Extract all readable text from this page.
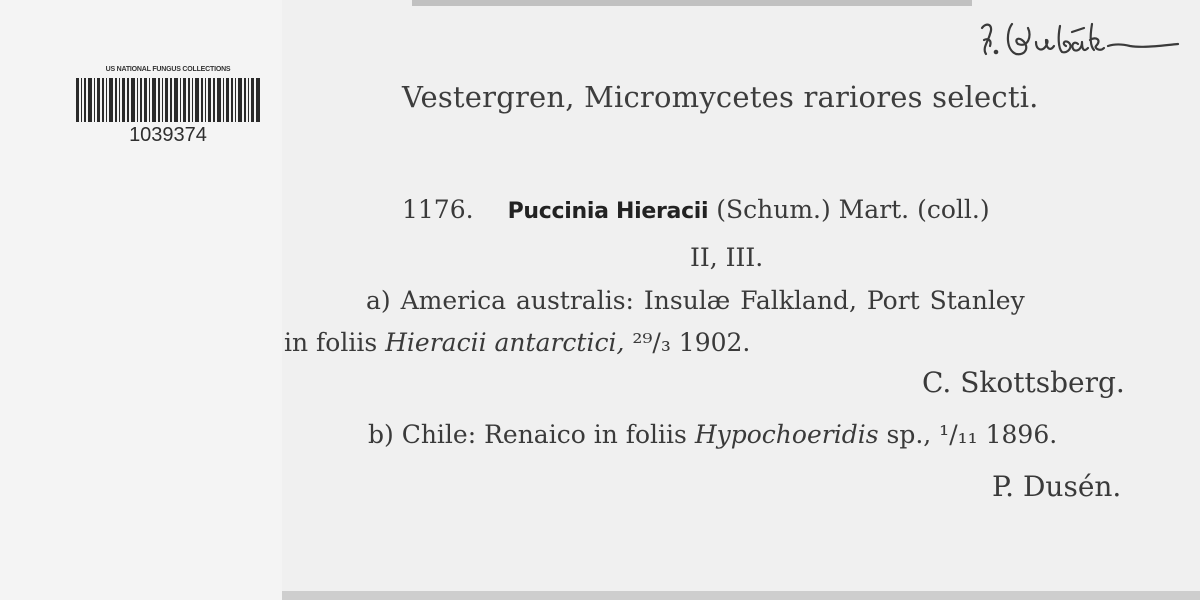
US NATIONAL FUNGUS COLLECTIONS
1039374
Vestergren, Micromycetes rariores selecti.
1176. Puccinia Hieracii (Schum.) Mart. (coll.)
II, III.
a) America australis: Insulæ Falkland, Port Stanley
in foliis Hieracii antarctici, ²⁹/₃ 1902.
C. Skottsberg.
b) Chile: Renaico in foliis Hypochoeridis sp., ¹/₁₁ 1896.
P. Dusén.
